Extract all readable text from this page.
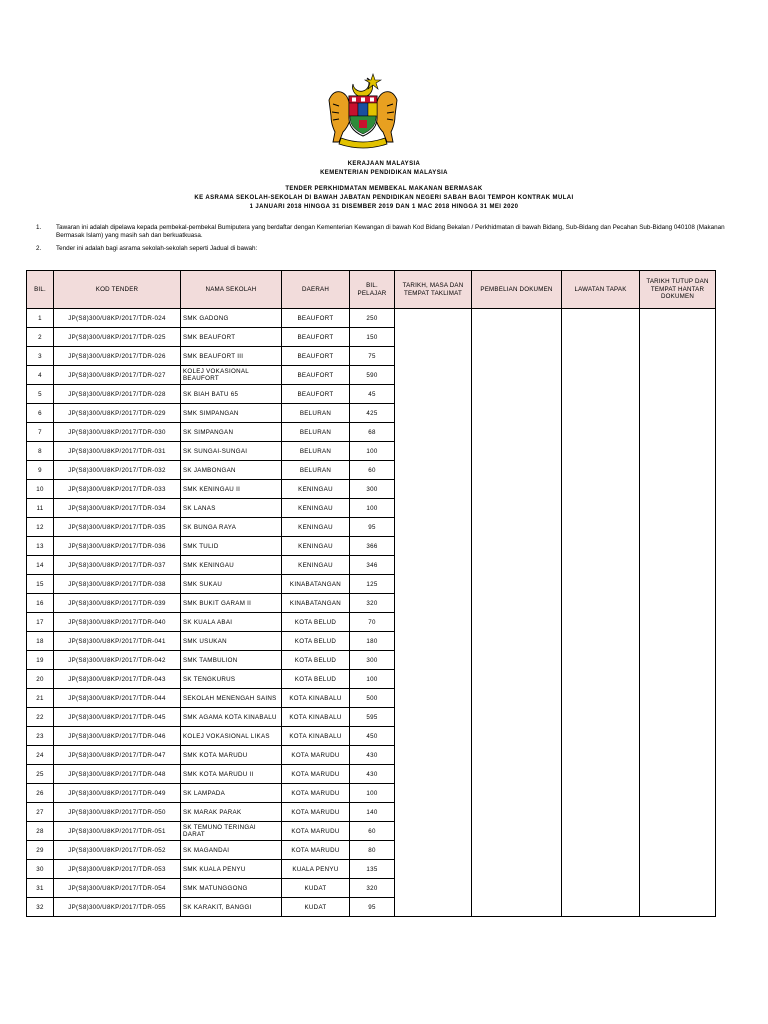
KERAJAAN MALAYSIA
KEMENTERIAN PENDIDIKAN MALAYSIA
TENDER PERKHIDMATAN MEMBEKAL MAKANAN BERMASAK
KE ASRAMA SEKOLAH-SEKOLAH DI BAWAH JABATAN PENDIDIKAN NEGERI SABAH BAGI TEMPOH KONTRAK MULAI
1 JANUARI 2018 HINGGA 31 DISEMBER 2019 DAN 1 MAC 2018 HINGGA 31 MEI 2020
1.	Tawaran ini adalah dipelawa kepada pembekal-pembekal Bumiputera yang berdaftar dengan Kementerian Kewangan di bawah Kod Bidang Bekalan / Perkhidmatan di bawah Bidang, Sub-Bidang dan Pecahan Sub-Bidang 040108 (Makanan Bermasak Islam) yang masih sah dan berkuatkuasa.
2.	Tender ini adalah bagi asrama sekolah-sekolah seperti Jadual di bawah:
BIL.	KOD TENDER	NAMA SEKOLAH	DAERAH	BIL. PELAJAR	TARIKH, MASA DAN TEMPAT TAKLIMAT	PEMBELIAN DOKUMEN	LAWATAN TAPAK	TARIKH TUTUP DAN TEMPAT HANTAR DOKUMEN
1	JP(S8)300/U8KP/2017/TDR-024	SMK GADONG	BEAUFORT	250				
2	JP(S8)300/U8KP/2017/TDR-025	SMK BEAUFORT	BEAUFORT	150				
3	JP(S8)300/U8KP/2017/TDR-026	SMK BEAUFORT III	BEAUFORT	75				
4	JP(S8)300/U8KP/2017/TDR-027	KOLEJ VOKASIONAL BEAUFORT	BEAUFORT	590				
5	JP(S8)300/U8KP/2017/TDR-028	SK BIAH BATU 65	BEAUFORT	45				
6	JP(S8)300/U8KP/2017/TDR-029	SMK SIMPANGAN	BELURAN	425				
7	JP(S8)300/U8KP/2017/TDR-030	SK SIMPANGAN	BELURAN	68				
8	JP(S8)300/U8KP/2017/TDR-031	SK SUNGAI-SUNGAI	BELURAN	100				
9	JP(S8)300/U8KP/2017/TDR-032	SK JAMBONGAN	BELURAN	60				
10	JP(S8)300/U8KP/2017/TDR-033	SMK KENINGAU II	KENINGAU	300				
11	JP(S8)300/U8KP/2017/TDR-034	SK LANAS	KENINGAU	100				
12	JP(S8)300/U8KP/2017/TDR-035	SK BUNGA RAYA	KENINGAU	95				
13	JP(S8)300/U8KP/2017/TDR-036	SMK TULID	KENINGAU	366				
14	JP(S8)300/U8KP/2017/TDR-037	SMK KENINGAU	KENINGAU	346				
15	JP(S8)300/U8KP/2017/TDR-038	SMK SUKAU	KINABATANGAN	125				
16	JP(S8)300/U8KP/2017/TDR-039	SMK BUKIT GARAM II	KINABATANGAN	320				
17	JP(S8)300/U8KP/2017/TDR-040	SK KUALA ABAI	KOTA BELUD	70				
18	JP(S8)300/U8KP/2017/TDR-041	SMK USUKAN	KOTA BELUD	180				
19	JP(S8)300/U8KP/2017/TDR-042	SMK TAMBULION	KOTA BELUD	300				
20	JP(S8)300/U8KP/2017/TDR-043	SK TENGKURUS	KOTA BELUD	100				
21	JP(S8)300/U8KP/2017/TDR-044	SEKOLAH MENENGAH SAINS	KOTA KINABALU	500				
22	JP(S8)300/U8KP/2017/TDR-045	SMK AGAMA KOTA KINABALU	KOTA KINABALU	595				
23	JP(S8)300/U8KP/2017/TDR-046	KOLEJ VOKASIONAL LIKAS	KOTA KINABALU	450				
24	JP(S8)300/U8KP/2017/TDR-047	SMK KOTA MARUDU	KOTA MARUDU	430				
25	JP(S8)300/U8KP/2017/TDR-048	SMK KOTA MARUDU II	KOTA MARUDU	430				
26	JP(S8)300/U8KP/2017/TDR-049	SK LAMPADA	KOTA MARUDU	100				
27	JP(S8)300/U8KP/2017/TDR-050	SK MARAK PARAK	KOTA MARUDU	140				
28	JP(S8)300/U8KP/2017/TDR-051	SK TEMUNO TERINGAI DARAT	KOTA MARUDU	60				
29	JP(S8)300/U8KP/2017/TDR-052	SK MAGANDAI	KOTA MARUDU	80				
30	JP(S8)300/U8KP/2017/TDR-053	SMK KUALA PENYU	KUALA PENYU	135				
31	JP(S8)300/U8KP/2017/TDR-054	SMK MATUNGGONG	KUDAT	320				
32	JP(S8)300/U8KP/2017/TDR-055	SK KARAKIT, BANGGI	KUDAT	95				
